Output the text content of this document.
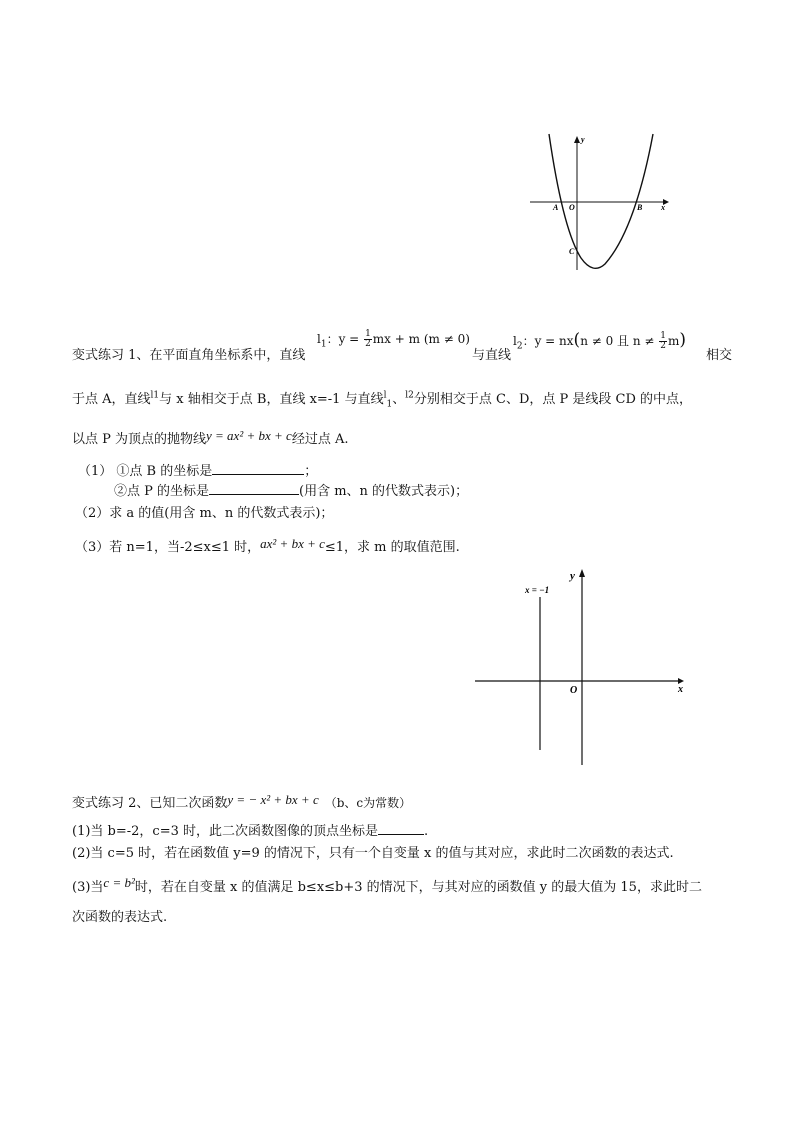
y
x
A O	B
C
变式练习 1、在平面直角坐标系中，直线
$l_1$：$y = \frac{1}{2}$ mx + m (m ≠ 0)
与直线
$l_2$：y = nx(n ≠ 0 且 $n \ne \frac{1}{2} m$)
相交
于点 A，直线$^{l1}$与 x 轴相交于点 B，直线 x=-1 与直线$^l_1$、$^{l2}$分别相交于点 C、D，点 P 是线段 CD 的中点，
以点 P 为顶点的抛物线y = ax² + bx + c经过点 A.
（1） ①点 B 的坐标是	；
②点 P 的坐标是	(用含 m、n 的代数式表示)；
（2）求 a 的值(用含 m、n 的代数式表示)；
（3）若 n=1，当-2≤x≤1 时，ax² + bx + c≤1，求 m 的取值范围.
x = −1
y
x
O
变式练习 2、已知二次函数y = − x² + bx + c （b、c为常数）
(1)当 b=-2，c=3 时，此二次函数图像的顶点坐标是	.
(2)当 c=5 时，若在函数值 y=9 的情况下，只有一个自变量 x 的值与其对应，求此时二次函数的表达式.
(3)当c = b²时，若在自变量 x 的值满足 b≤x≤b+3 的情况下，与其对应的函数值 y 的最大值为 15，求此时二
次函数的表达式.
